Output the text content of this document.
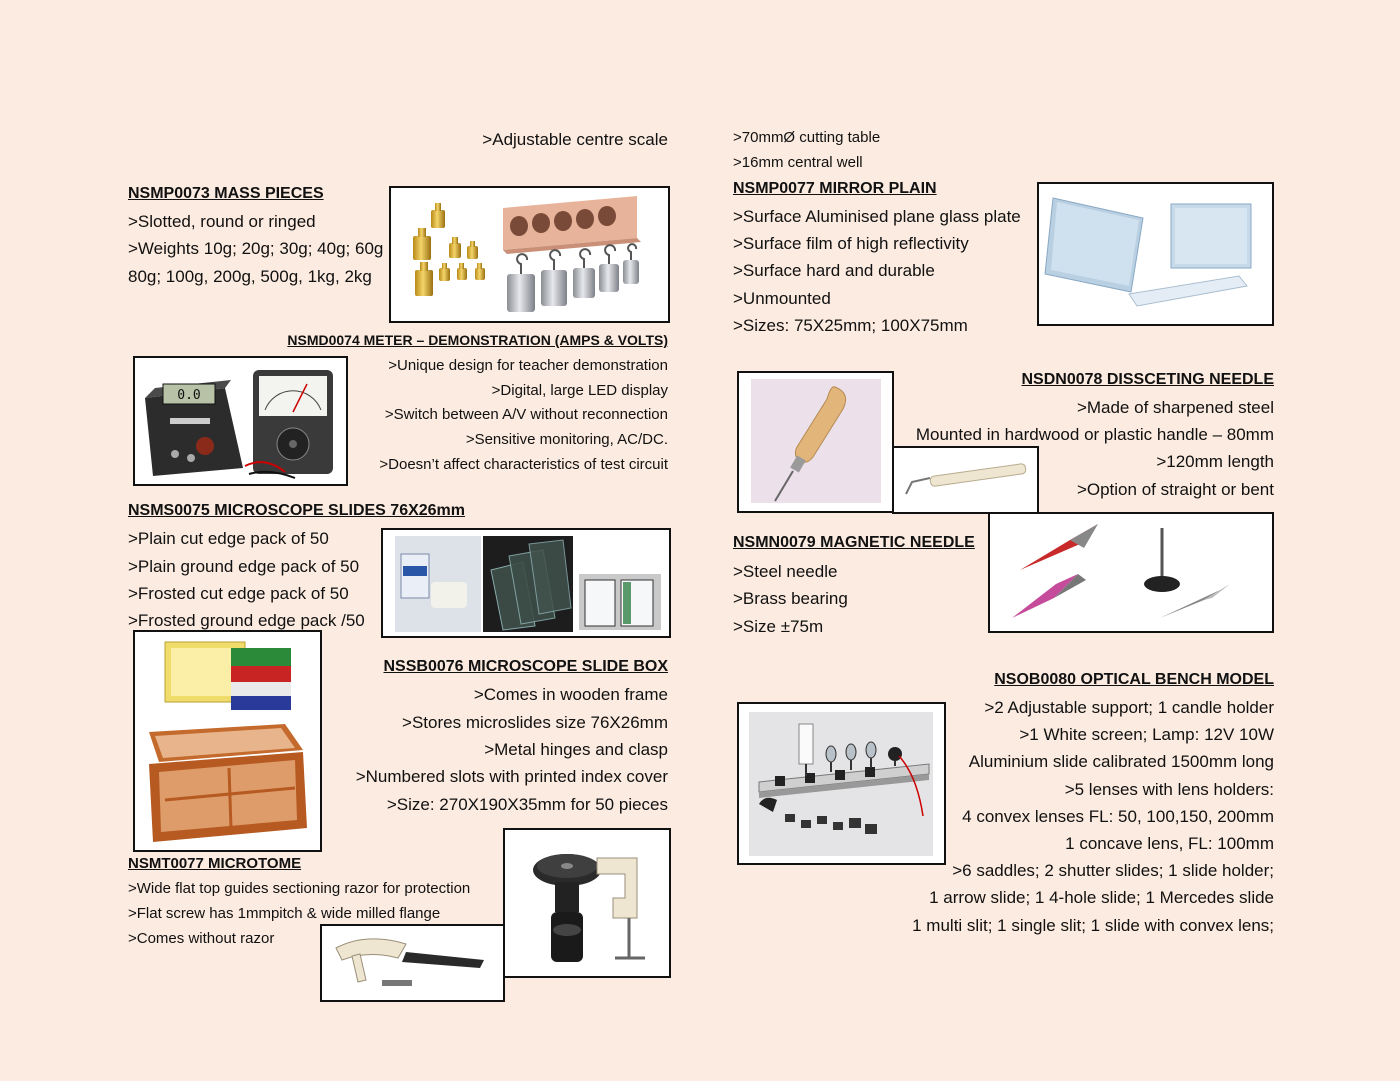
>Adjustable centre scale

NSMP0073 MASS PIECES

>Slotted, round or ringed

>Weights 10g; 20g; 30g; 40g; 60g

80g; 100g, 200g, 500g, 1kg, 2kg

NSMD0074 METER – DEMONSTRATION (AMPS & VOLTS)

>Unique design for teacher demonstration

>Digital, large LED display

>Switch between A/V without reconnection

>Sensitive monitoring, AC/DC.

>Doesn’t affect characteristics of test circuit

0.0

NSMS0075 MICROSCOPE SLIDES 76X26mm

>Plain cut edge pack of 50

>Plain ground edge pack of 50

>Frosted cut edge pack of 50

>Frosted ground edge pack /50

NSSB0076 MICROSCOPE SLIDE BOX

>Comes in wooden frame

>Stores microslides size 76X26mm

>Metal hinges and clasp

>Numbered slots with printed index cover

>Size: 270X190X35mm for 50 pieces

NSMT0077 MICROTOME

>Wide flat top guides sectioning razor for protection

>Flat screw has 1mmpitch & wide milled flange

>Comes without razor

>70mmØ cutting table

>16mm central well

NSMP0077 MIRROR PLAIN

>Surface Aluminised plane glass plate

>Surface film of high reflectivity

>Surface hard and durable

>Unmounted

>Sizes: 75X25mm; 100X75mm

NSDN0078 DISSCETING NEEDLE

>Made of sharpened steel

Mounted in hardwood or plastic handle – 80mm

>120mm length

>Option of straight or bent

NSMN0079 MAGNETIC NEEDLE

>Steel needle

>Brass bearing

>Size ±75m

NSOB0080 OPTICAL BENCH MODEL

>2 Adjustable support; 1 candle holder

>1 White screen; Lamp: 12V 10W

Aluminium slide calibrated 1500mm long

>5 lenses with lens holders:

4 convex lenses FL: 50, 100,150, 200mm

1 concave lens, FL: 100mm

>6 saddles; 2 shutter slides; 1 slide holder;

1 arrow slide; 1 4-hole slide; 1 Mercedes slide

1 multi slit; 1 single slit; 1 slide with convex lens;
